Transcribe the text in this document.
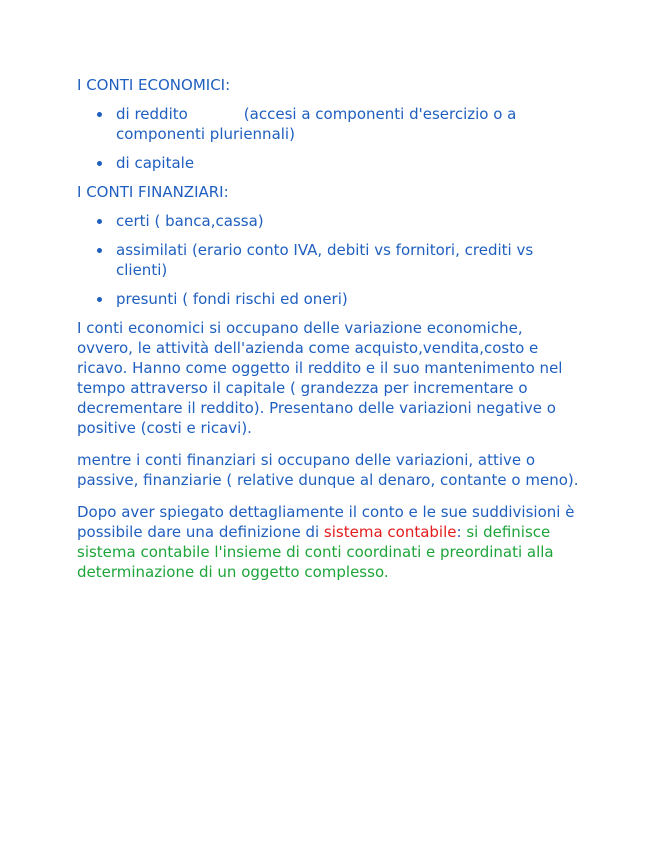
I CONTI ECONOMICI:
di reddito	(accesi a componenti d'esercizio o a componenti pluriennali)
di capitale
I CONTI FINANZIARI:
certi ( banca,cassa)
assimilati (erario conto IVA, debiti vs fornitori, crediti vs clienti)
presunti ( fondi rischi ed oneri)

I conti economici si occupano delle variazione economiche, ovvero, le attività dell'azienda come acquisto,vendita,costo e ricavo. Hanno come oggetto il reddito e il suo mantenimento nel tempo attraverso il capitale ( grandezza per incrementare o decrementare il reddito). Presentano delle variazioni negative o positive (costi e ricavi).

mentre i conti finanziari si occupano delle variazioni, attive o passive, finanziarie ( relative dunque al denaro, contante o meno).

Dopo aver spiegato dettagliamente il conto e le sue suddivisioni è possibile dare una definizione di sistema contabile: si definisce sistema contabile l'insieme di conti coordinati e preordinati alla determinazione di un oggetto complesso.
